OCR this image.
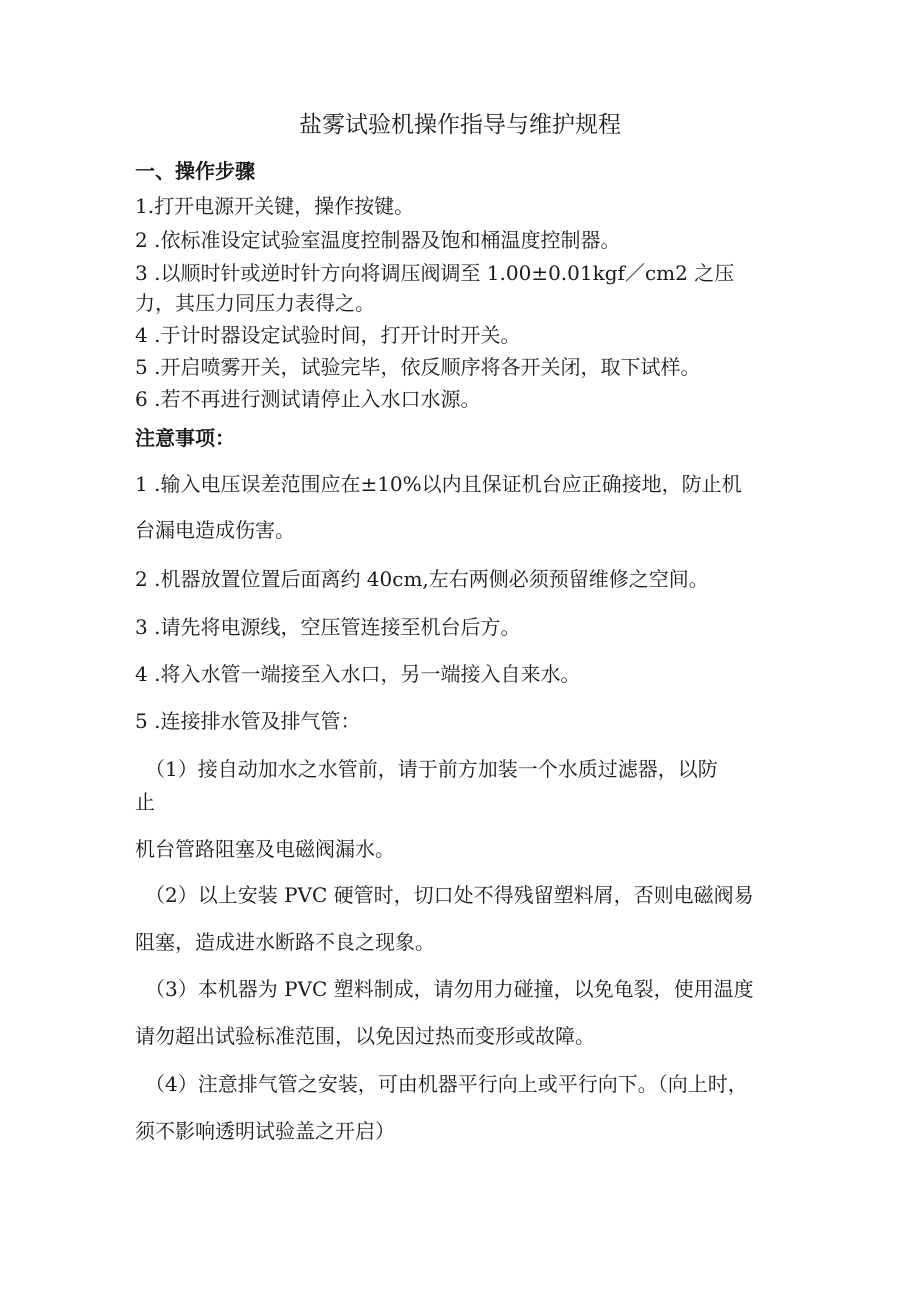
盐雾试验机操作指导与维护规程
一、操作步骤
1.打开电源开关键，操作按键。
2 .依标准设定试验室温度控制器及饱和桶温度控制器。
3 .以顺时针或逆时针方向将调压阀调至 1.00±0.01kgf／cm2 之压
力，其压力同压力表得之。
4 .于计时器设定试验时间，打开计时开关。
5 .开启喷雾开关，试验完毕，依反顺序将各开关闭，取下试样。
6 .若不再进行测试请停止入水口水源。
注意事项：
1 .输入电压误差范围应在±10%以内且保证机台应正确接地，防止机
台漏电造成伤害。
2 .机器放置位置后面离约 40cm,左右两侧必须预留维修之空间。
3 .请先将电源线，空压管连接至机台后方。
4 .将入水管一端接至入水口，另一端接入自来水。
5 .连接排水管及排气管：
（1）接自动加水之水管前，请于前方加装一个水质过滤器，以防
止
机台管路阻塞及电磁阀漏水。
（2）以上安装 PVC 硬管时，切口处不得残留塑料屑，否则电磁阀易
阻塞，造成进水断路不良之现象。
（3）本机器为 PVC 塑料制成，请勿用力碰撞，以免龟裂，使用温度
请勿超出试验标准范围，以免因过热而变形或故障。
（4）注意排气管之安装，可由机器平行向上或平行向下。（向上时，
须不影响透明试验盖之开启）
